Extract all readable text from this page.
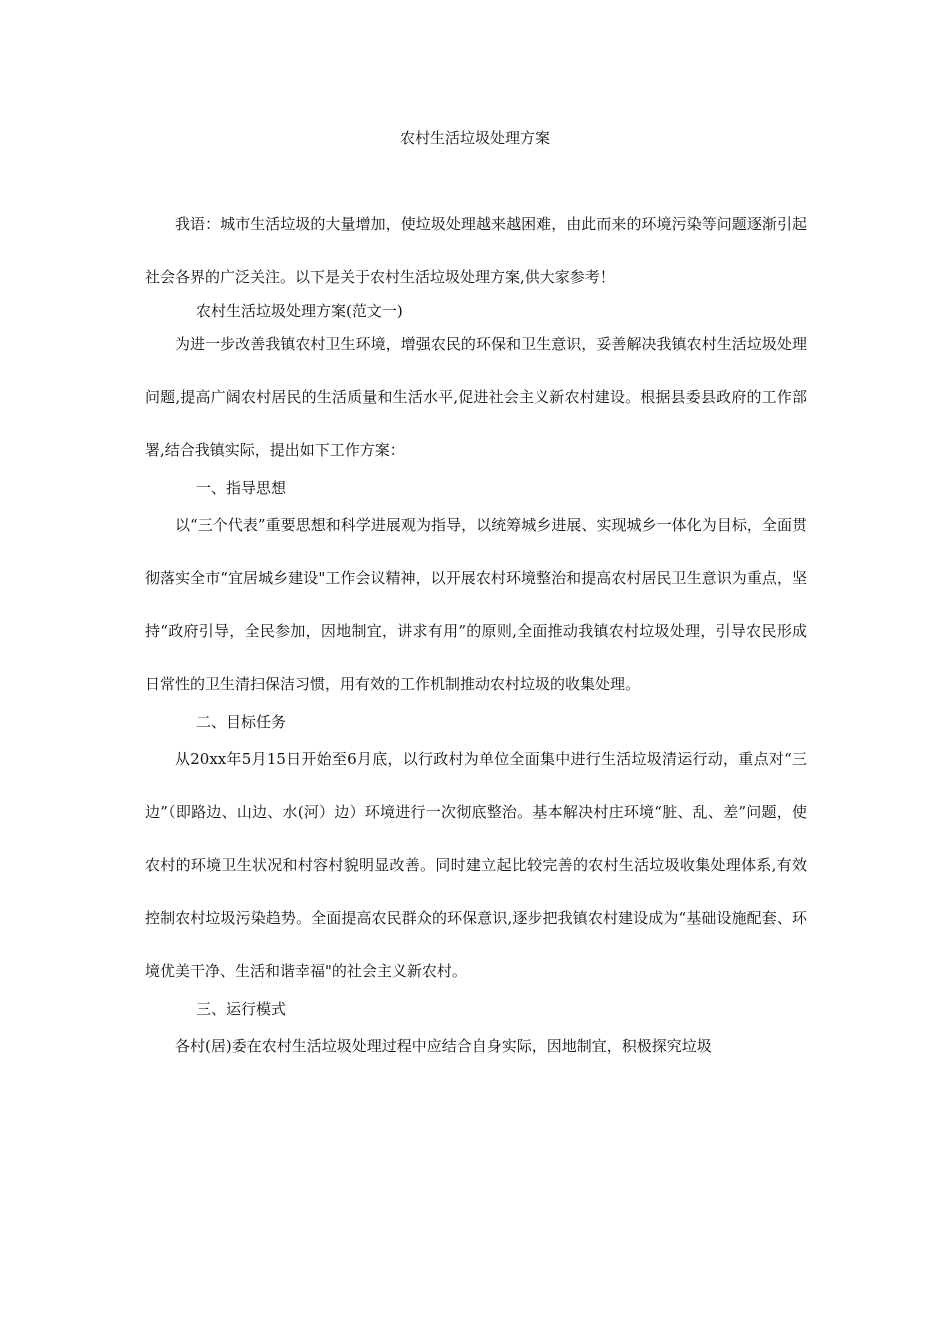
农村生活垃圾处理方案

我语：城市生活垃圾的大量增加，使垃圾处理越来越困难，由此而来的环境污染等问题逐渐引起社会各界的广泛关注。以下是关于农村生活垃圾处理方案,供大家参考！

农村生活垃圾处理方案(范文一)

为进一步改善我镇农村卫生环境，增强农民的环保和卫生意识，妥善解决我镇农村生活垃圾处理问题,提高广阔农村居民的生活质量和生活水平,促进社会主义新农村建设。根据县委县政府的工作部署,结合我镇实际，提出如下工作方案：

一、指导思想

以“三个代表”重要思想和科学进展观为指导，以统筹城乡进展、实现城乡一体化为目标，全面贯彻落实全市“宜居城乡建设"工作会议精神，以开展农村环境整治和提高农村居民卫生意识为重点，坚持“政府引导，全民参加，因地制宜，讲求有用”的原则,全面推动我镇农村垃圾处理，引导农民形成日常性的卫生清扫保洁习惯，用有效的工作机制推动农村垃圾的收集处理。

二、目标任务

从20xx年5月15日开始至6月底，以行政村为单位全面集中进行生活垃圾清运行动，重点对“三边”（即路边、山边、水(河）边）环境进行一次彻底整治。基本解决村庄环境“脏、乱、差”问题，使农村的环境卫生状况和村容村貌明显改善。同时建立起比较完善的农村生活垃圾收集处理体系,有效控制农村垃圾污染趋势。全面提高农民群众的环保意识,逐步把我镇农村建设成为“基础设施配套、环境优美干净、生活和谐幸福"的社会主义新农村。

三、运行模式

各村(居)委在农村生活垃圾处理过程中应结合自身实际，因地制宜，积极探究垃圾
